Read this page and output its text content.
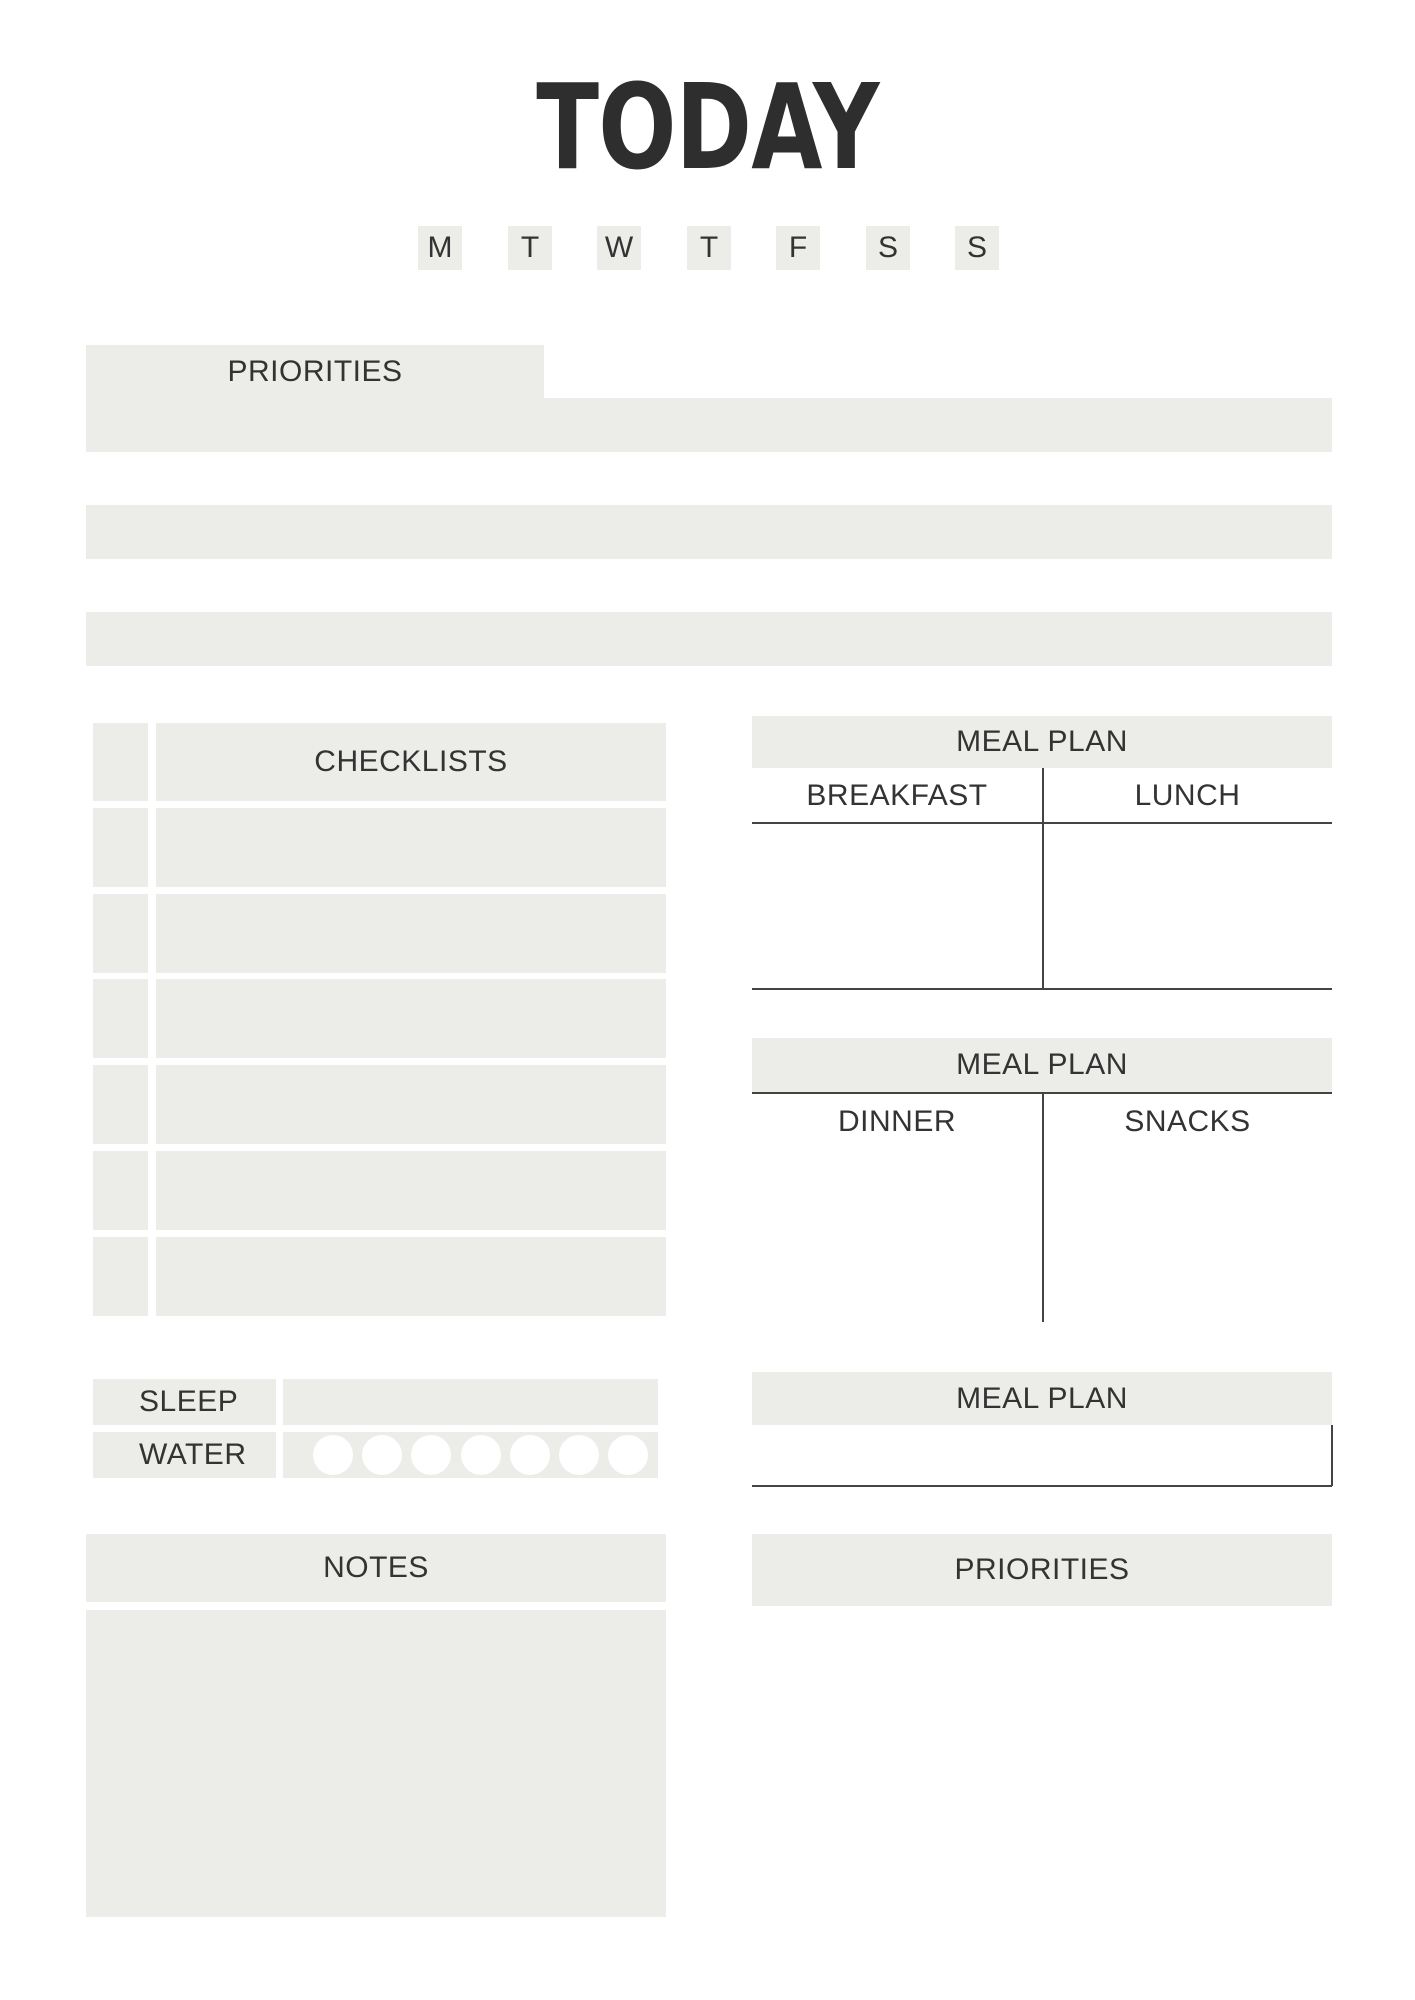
TODAY
M	T	W	T	F	S	S
PRIORITIES
CHECKLISTS
MEAL PLAN
BREAKFAST	LUNCH
MEAL PLAN
DINNER	SNACKS
MEAL PLAN
SLEEP
WATER
NOTES	PRIORITIES
